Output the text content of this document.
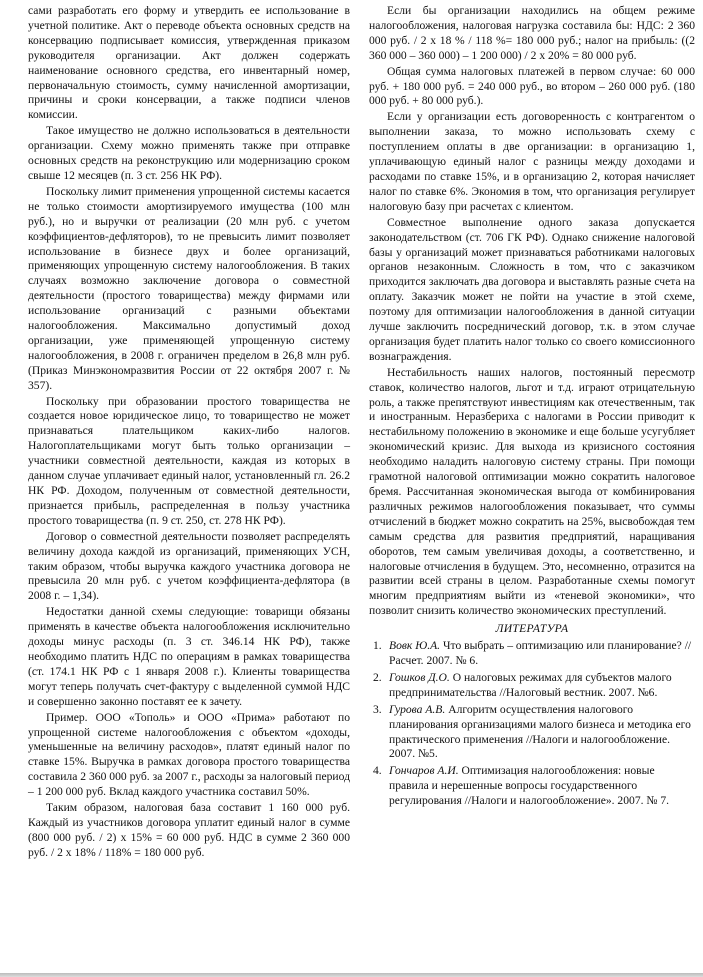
сами разработать его форму и утвердить ее использование в учетной политике. Акт о переводе объекта основных средств на консервацию подписывает комиссия, утвержденная приказом руководителя организации. Акт должен содержать наименование основного средства, его инвентарный номер, первоначальную стоимость, сумму начисленной амортизации, причины и сроки консервации, а также подписи членов комиссии.

Такое имущество не должно использоваться в деятельности организации. Схему можно применять также при отправке основных средств на реконструкцию или модернизацию сроком свыше 12 месяцев (п. 3 ст. 256 НК РФ).

Поскольку лимит применения упрощенной системы касается не только стоимости амортизируемого имущества (100 млн руб.), но и выручки от реализации (20 млн руб. с учетом коэффициентов-дефляторов), то не превысить лимит позволяет использование в бизнесе двух и более организаций, применяющих упрощенную систему налогообложения. В таких случаях возможно заключение договора о совместной деятельности (простого товарищества) между фирмами или использование организаций с разными объектами налогообложения. Максимально допустимый доход организации, уже применяющей упрощенную систему налогообложения, в 2008 г. ограничен пределом в 26,8 млн руб. (Приказ Минэкономразвития России от 22 октября 2007 г. № 357).

Поскольку при образовании простого товарищества не создается новое юридическое лицо, то товарищество не может признаваться плательщиком каких-либо налогов. Налогоплательщиками могут быть только организации – участники совместной деятельности, каждая из которых в данном случае уплачивает единый налог, установленный гл. 26.2 НК РФ. Доходом, полученным от совместной деятельности, признается прибыль, распределенная в пользу участника простого товарищества (п. 9 ст. 250, ст. 278 НК РФ).

Договор о совместной деятельности позволяет распределять величину дохода каждой из организаций, применяющих УСН, таким образом, чтобы выручка каждого участника договора не превысила 20 млн руб. с учетом коэффициента-дефлятора (в 2008 г. – 1,34).

Недостатки данной схемы следующие: товарищи обязаны применять в качестве объекта налогообложения исключительно доходы минус расходы (п. 3 ст. 346.14 НК РФ), также необходимо платить НДС по операциям в рамках товарищества (ст. 174.1 НК РФ с 1 января 2008 г.). Клиенты товарищества могут теперь получать счет-фактуру с выделенной суммой НДС и совершенно законно поставят ее к зачету.

Пример. ООО «Тополь» и ООО «Прима» работают по упрощенной системе налогообложения с объектом «доходы, уменьшенные на величину расходов», платят единый налог по ставке 15%. Выручка в рамках договора простого товарищества составила 2 360 000 руб. за 2007 г., расходы за налоговый период – 1 200 000 руб. Вклад каждого участника составил 50%.

Таким образом, налоговая база составит 1 160 000 руб. Каждый из участников договора уплатит единый налог в сумме (800 000 руб. / 2) x 15% = 60 000 руб. НДС в сумме 2 360 000 руб. / 2 x 18% / 118% = 180 000 руб.

Если бы организации находились на общем режиме налогообложения, налоговая нагрузка составила бы: НДС: 2 360 000 руб. / 2 x 18 % / 118 %= 180 000 руб.; налог на прибыль: ((2 360 000 – 360 000) – 1 200 000) / 2 x 20% = 80 000 руб.

Общая сумма налоговых платежей в первом случае: 60 000 руб. + 180 000 руб. = 240 000 руб., во втором – 260 000 руб. (180 000 руб. + 80 000 руб.).

Если у организации есть договоренность с контрагентом о выполнении заказа, то можно использовать схему с поступлением оплаты в две организации: в организацию 1, уплачивающую единый налог с разницы между доходами и расходами по ставке 15%, и в организацию 2, которая начисляет налог по ставке 6%. Экономия в том, что организация регулирует налоговую базу при расчетах с клиентом.

Совместное выполнение одного заказа допускается законодательством (ст. 706 ГК РФ). Однако снижение налоговой базы у организаций может признаваться работниками налоговых органов незаконным. Сложность в том, что с заказчиком приходится заключать два договора и выставлять разные счета на оплату. Заказчик может не пойти на участие в этой схеме, поэтому для оптимизации налогообложения в данной ситуации лучше заключить посреднический договор, т.к. в этом случае организация будет платить налог только со своего комиссионного вознаграждения.

Нестабильность наших налогов, постоянный пересмотр ставок, количество налогов, льгот и т.д. играют отрицательную роль, а также препятствуют инвестициям как отечественным, так и иностранным. Неразбериха с налогами в России приводит к нестабильному положению в экономике и еще больше усугубляет экономический кризис. Для выхода из кризисного состояния необходимо наладить налоговую систему страны. При помощи грамотной налоговой оптимизации можно сократить налоговое бремя. Рассчитанная экономическая выгода от комбинирования различных режимов налогообложения показывает, что суммы отчислений в бюджет можно сократить на 25%, высвобождая тем самым средства для развития предприятий, наращивания оборотов, тем самым увеличивая доходы, а соответственно, и налоговые отчисления в будущем. Это, несомненно, отразится на развитии всей страны в целом. Разработанные схемы помогут многим предприятиям выйти из «теневой экономики», что позволит снизить количество экономических преступлений.

ЛИТЕРАТУРА
1. Вовк Ю.А. Что выбрать – оптимизацию или планирование? //Расчет. 2007. № 6.
2. Гошков Д.О. О налоговых режимах для субъектов малого предпринимательства //Налоговый вестник. 2007. №6.
3. Гурова А.В. Алгоритм осуществления налогового планирования организациями малого бизнеса и методика его практического применения //Налоги и налогообложение. 2007. №5.
4. Гончаров А.И. Оптимизация налогообложения: новые правила и нерешенные вопросы государственного регулирования //Налоги и налогообложение». 2007. № 7.
